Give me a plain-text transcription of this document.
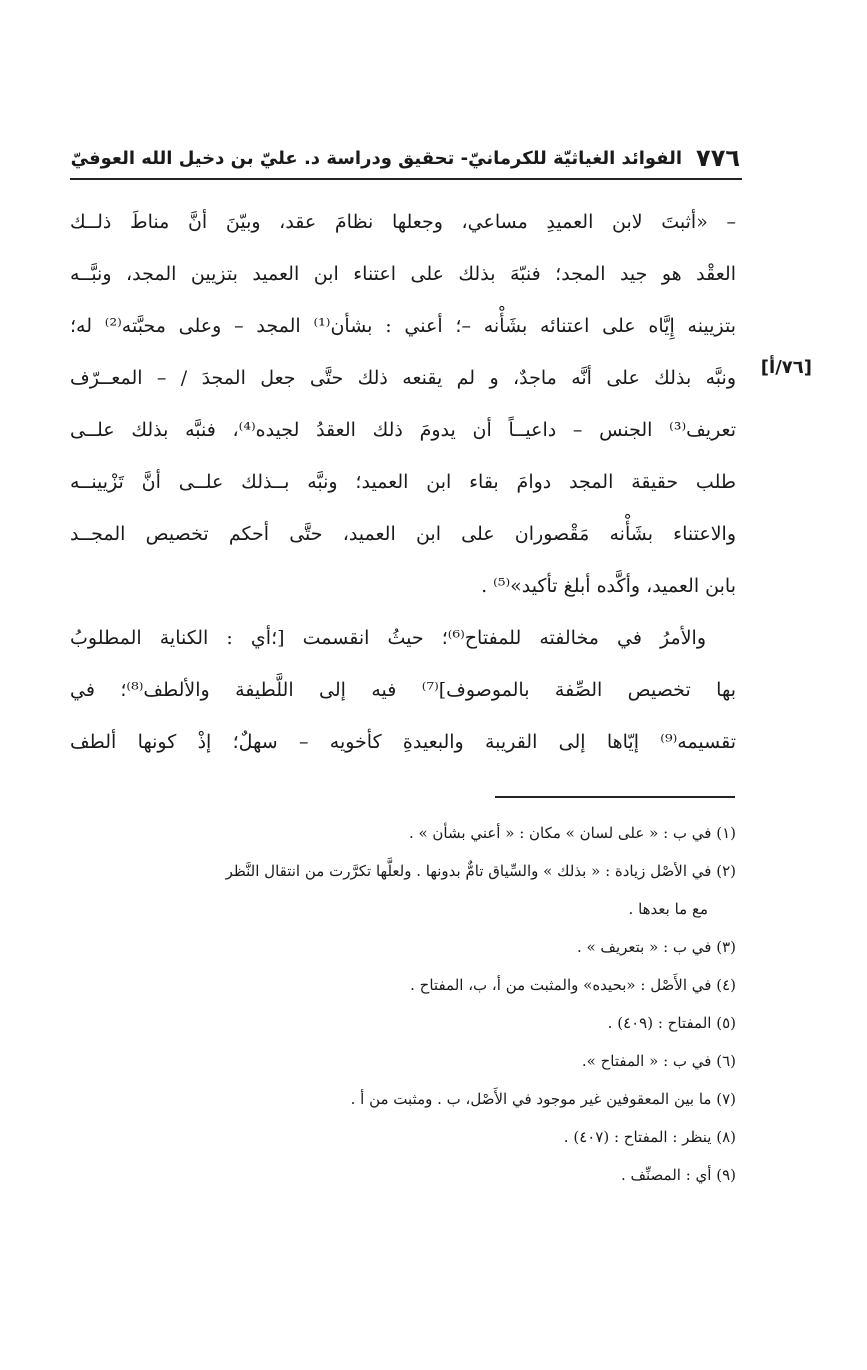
٧٧٦
الفوائد الغياثيّة للكرمانيّ- تحقيق ودراسة د. عليّ بن دخيل الله العوفيّ
[٧٦/أ]
– «أثبتَ لابن العميدِ مساعي، وجعلها نظامَ عقد، وبيّنَ أنَّ مناطَ ذلــك
العقْد هو جيد المجد؛ فنبّهَ بذلك على اعتناء ابن العميد بتزيين المجد، ونبَّــه
بتزيينه إِيَّاه على اعتنائه بشَأْنه –؛ أعني : بشأن⁽¹⁾ المجد – وعلى محبَّته⁽²⁾ له؛
ونبَّه بذلك على أنَّه ماجدٌ، و لم يقنعه ذلك حتَّى جعل المجدَ / – المعــرّف
تعريف⁽³⁾ الجنس – داعيــاً أن يدومَ ذلك العقدُ لجيده⁽⁴⁾، فنبَّه بذلك علــى
طلب حقيقة المجد دوامَ بقاء ابن العميد؛ ونبَّه بــذلك علــى أنَّ تَزْيينــه
والاعتناء بشَأْنه مَقْصوران على ابن العميد، حتَّى أحكم تخصيص المجــد
بابن العميد، وأكَّده أبلغ تأكيد»⁽⁵⁾ .
والأمرُ في مخالفته للمفتاح⁽⁶⁾؛ حيثُ انقسمت [؛أي : الكناية المطلوبُ
بها تخصيص الصِّفة بالموصوف]⁽⁷⁾ فيه إلى اللَّطيفة والألطف⁽⁸⁾؛ في
تقسيمه⁽⁹⁾ إيّاها إلى القريبة والبعيدةِ كأخويه – سهلٌ؛ إذْ كونها ألطف
(١) في ب : « على لسان » مكان : « أعني بشأن » .
(٢) في الأصْل زيادة : « بذلك » والسِّياق تامٌّ بدونها . ولعلَّها تكرَّرت من انتقال النَّظر
مع ما بعدها .
(٣) في ب : « بتعريف » .
(٤) في الأَصْل : «بحيده» والمثبت من أ، ب، المفتاح .
(٥) المفتاح : (٤٠٩) .
(٦) في ب : « المفتاح ».
(٧) ما بين المعقوفين غير موجود في الأَصْل، ب . ومثبت من أ .
(٨) ينظر : المفتاح : (٤٠٧) .
(٩) أي : المصنِّف .
